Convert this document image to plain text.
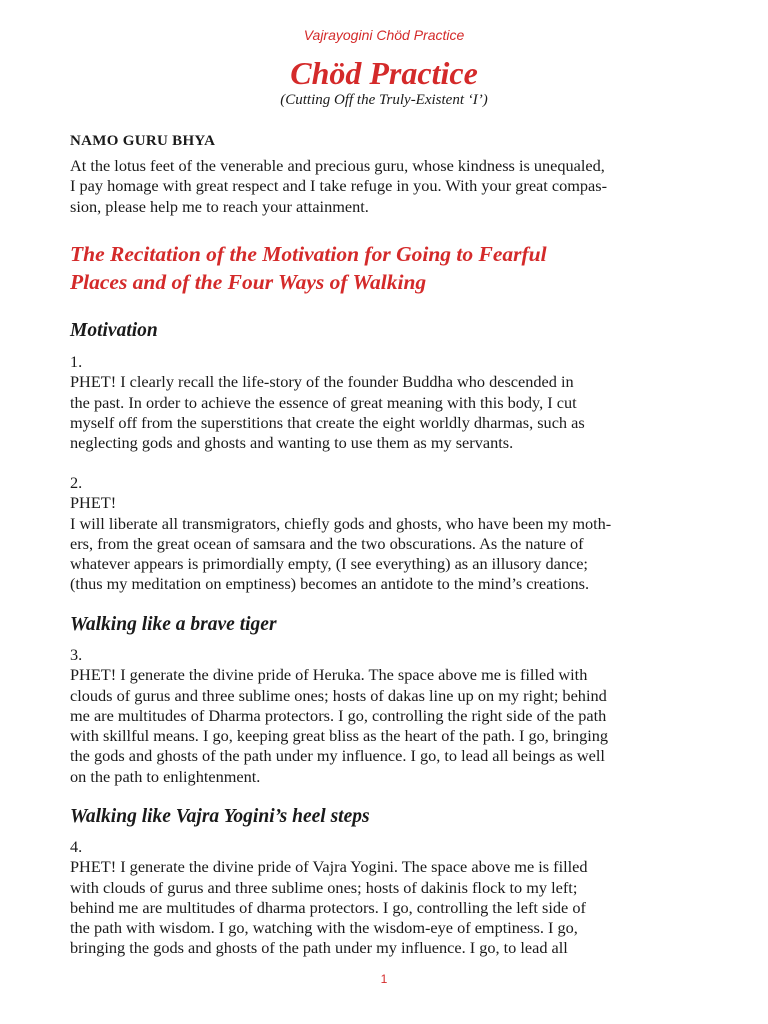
Vajrayogini Chöd Practice
Chöd Practice
(Cutting Off the Truly-Existent ‘I’)
NAMO GURU BHYA
At the lotus feet of the venerable and precious guru, whose kindness is unequaled,
I pay homage with great respect and I take refuge in you. With your great compas-
sion, please help me to reach your attainment.
The Recitation of the Motivation for Going to Fearful
Places and of the Four Ways of Walking
Motivation
1.
PHET! I clearly recall the life-story of the founder Buddha who descended in
the past. In order to achieve the essence of great meaning with this body, I cut
myself off from the superstitions that create the eight worldly dharmas, such as
neglecting gods and ghosts and wanting to use them as my servants.
2.
PHET!
I will liberate all transmigrators, chiefly gods and ghosts, who have been my moth-
ers, from the great ocean of samsara and the two obscurations. As the nature of
whatever appears is primordially empty, (I see everything) as an illusory dance;
(thus my meditation on emptiness) becomes an antidote to the mind’s creations.
Walking like a brave tiger
3.
PHET! I generate the divine pride of Heruka. The space above me is filled with
clouds of gurus and three sublime ones; hosts of dakas line up on my right; behind
me are multitudes of Dharma protectors. I go, controlling the right side of the path
with skillful means. I go, keeping great bliss as the heart of the path. I go, bringing
the gods and ghosts of the path under my influence. I go, to lead all beings as well
on the path to enlightenment.
Walking like Vajra Yogini’s heel steps
4.
PHET! I generate the divine pride of Vajra Yogini. The space above me is filled
with clouds of gurus and three sublime ones; hosts of dakinis flock to my left;
behind me are multitudes of dharma protectors. I go, controlling the left side of
the path with wisdom. I go, watching with the wisdom-eye of emptiness. I go,
bringing the gods and ghosts of the path under my influence. I go, to lead all
1
